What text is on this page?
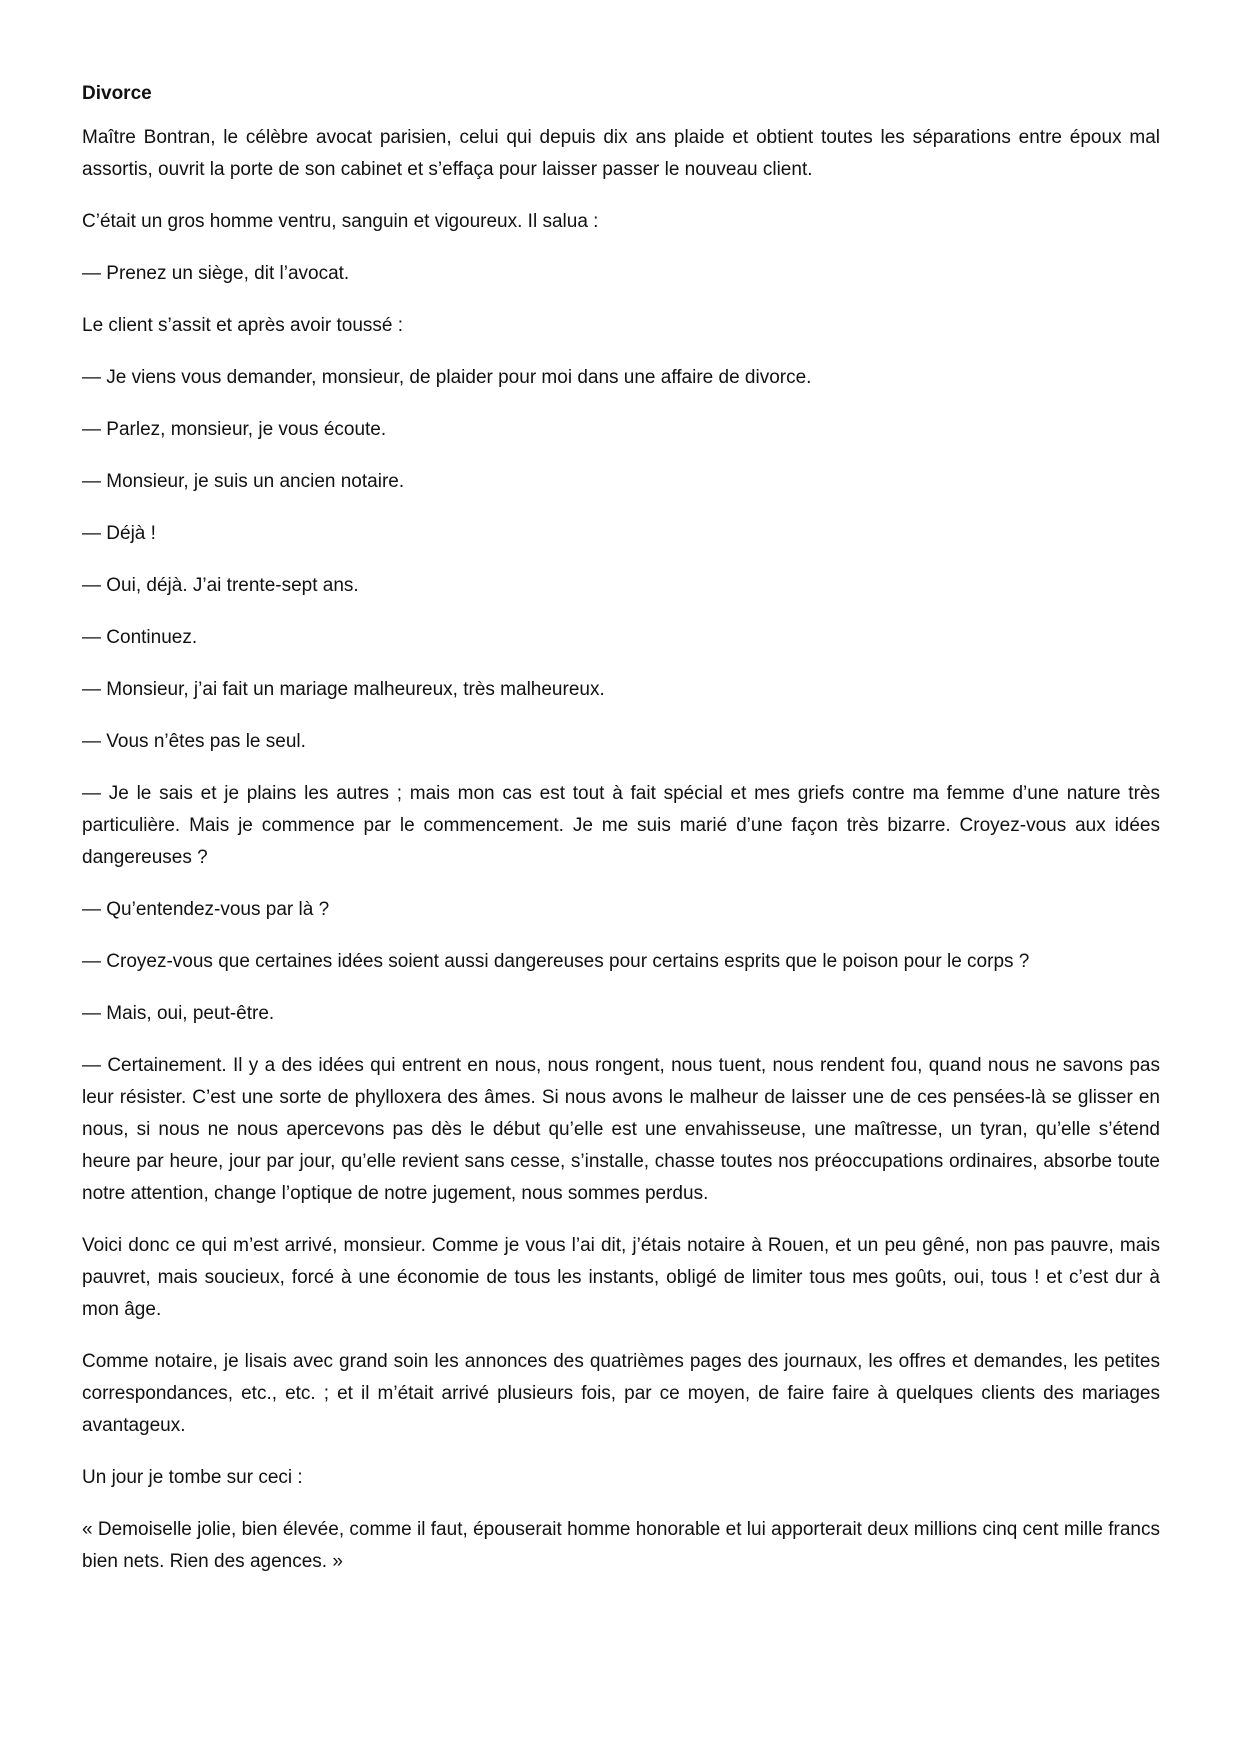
Divorce

Maître Bontran, le célèbre avocat parisien, celui qui depuis dix ans plaide et obtient toutes les séparations entre époux mal assortis, ouvrit la porte de son cabinet et s’effaça pour laisser passer le nouveau client.

C’était un gros homme ventru, sanguin et vigoureux. Il salua :

— Prenez un siège, dit l’avocat.

Le client s’assit et après avoir toussé :

— Je viens vous demander, monsieur, de plaider pour moi dans une affaire de divorce.

— Parlez, monsieur, je vous écoute.

— Monsieur, je suis un ancien notaire.

— Déjà !

— Oui, déjà. J’ai trente-sept ans.

— Continuez.

— Monsieur, j’ai fait un mariage malheureux, très malheureux.

— Vous n’êtes pas le seul.

— Je le sais et je plains les autres ; mais mon cas est tout à fait spécial et mes griefs contre ma femme d’une nature très particulière. Mais je commence par le commencement. Je me suis marié d’une façon très bizarre. Croyez-vous aux idées dangereuses ?

— Qu’entendez-vous par là ?

— Croyez-vous que certaines idées soient aussi dangereuses pour certains esprits que le poison pour le corps ?

— Mais, oui, peut-être.

— Certainement. Il y a des idées qui entrent en nous, nous rongent, nous tuent, nous rendent fou, quand nous ne savons pas leur résister. C’est une sorte de phylloxera des âmes. Si nous avons le malheur de laisser une de ces pensées-là se glisser en nous, si nous ne nous apercevons pas dès le début qu’elle est une envahisseuse, une maîtresse, un tyran, qu’elle s’étend heure par heure, jour par jour, qu’elle revient sans cesse, s’installe, chasse toutes nos préoccupations ordinaires, absorbe toute notre attention, change l’optique de notre jugement, nous sommes perdus.

Voici donc ce qui m’est arrivé, monsieur. Comme je vous l’ai dit, j’étais notaire à Rouen, et un peu gêné, non pas pauvre, mais pauvret, mais soucieux, forcé à une économie de tous les instants, obligé de limiter tous mes goûts, oui, tous ! et c’est dur à mon âge.

Comme notaire, je lisais avec grand soin les annonces des quatrièmes pages des journaux, les offres et demandes, les petites correspondances, etc., etc. ; et il m’était arrivé plusieurs fois, par ce moyen, de faire faire à quelques clients des mariages avantageux.

Un jour je tombe sur ceci :

« Demoiselle jolie, bien élevée, comme il faut, épouserait homme honorable et lui apporterait deux millions cinq cent mille francs bien nets. Rien des agences. »
